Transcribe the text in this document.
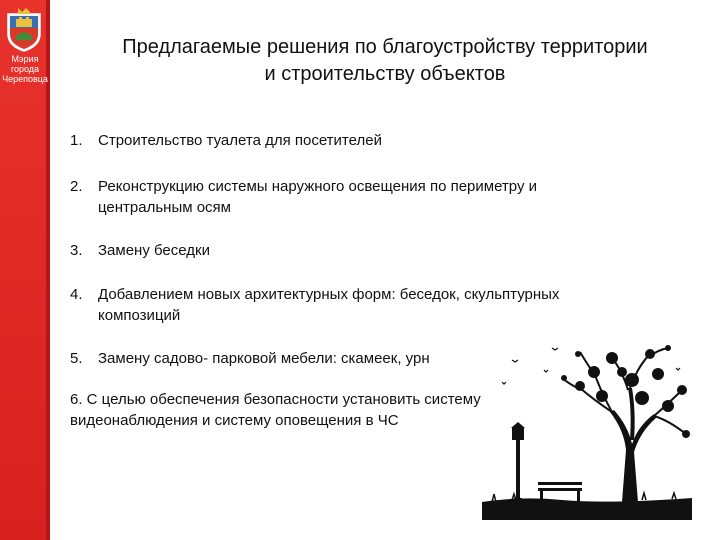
Мэрия
города
Череповца
Предлагаемые решения по благоустройству территории
и строительству объектов
1. Строительство туалета для посетителей
2. Реконструкцию системы наружного освещения по периметру и центральным осям
3. Замену беседки
4. Добавлением новых архитектурных форм: беседок, скульптурных композиций
5. Замену садово- парковой мебели: скамеек, урн
6. С целью обеспечения безопасности установить систему видеонаблюдения и систему оповещения в ЧС
